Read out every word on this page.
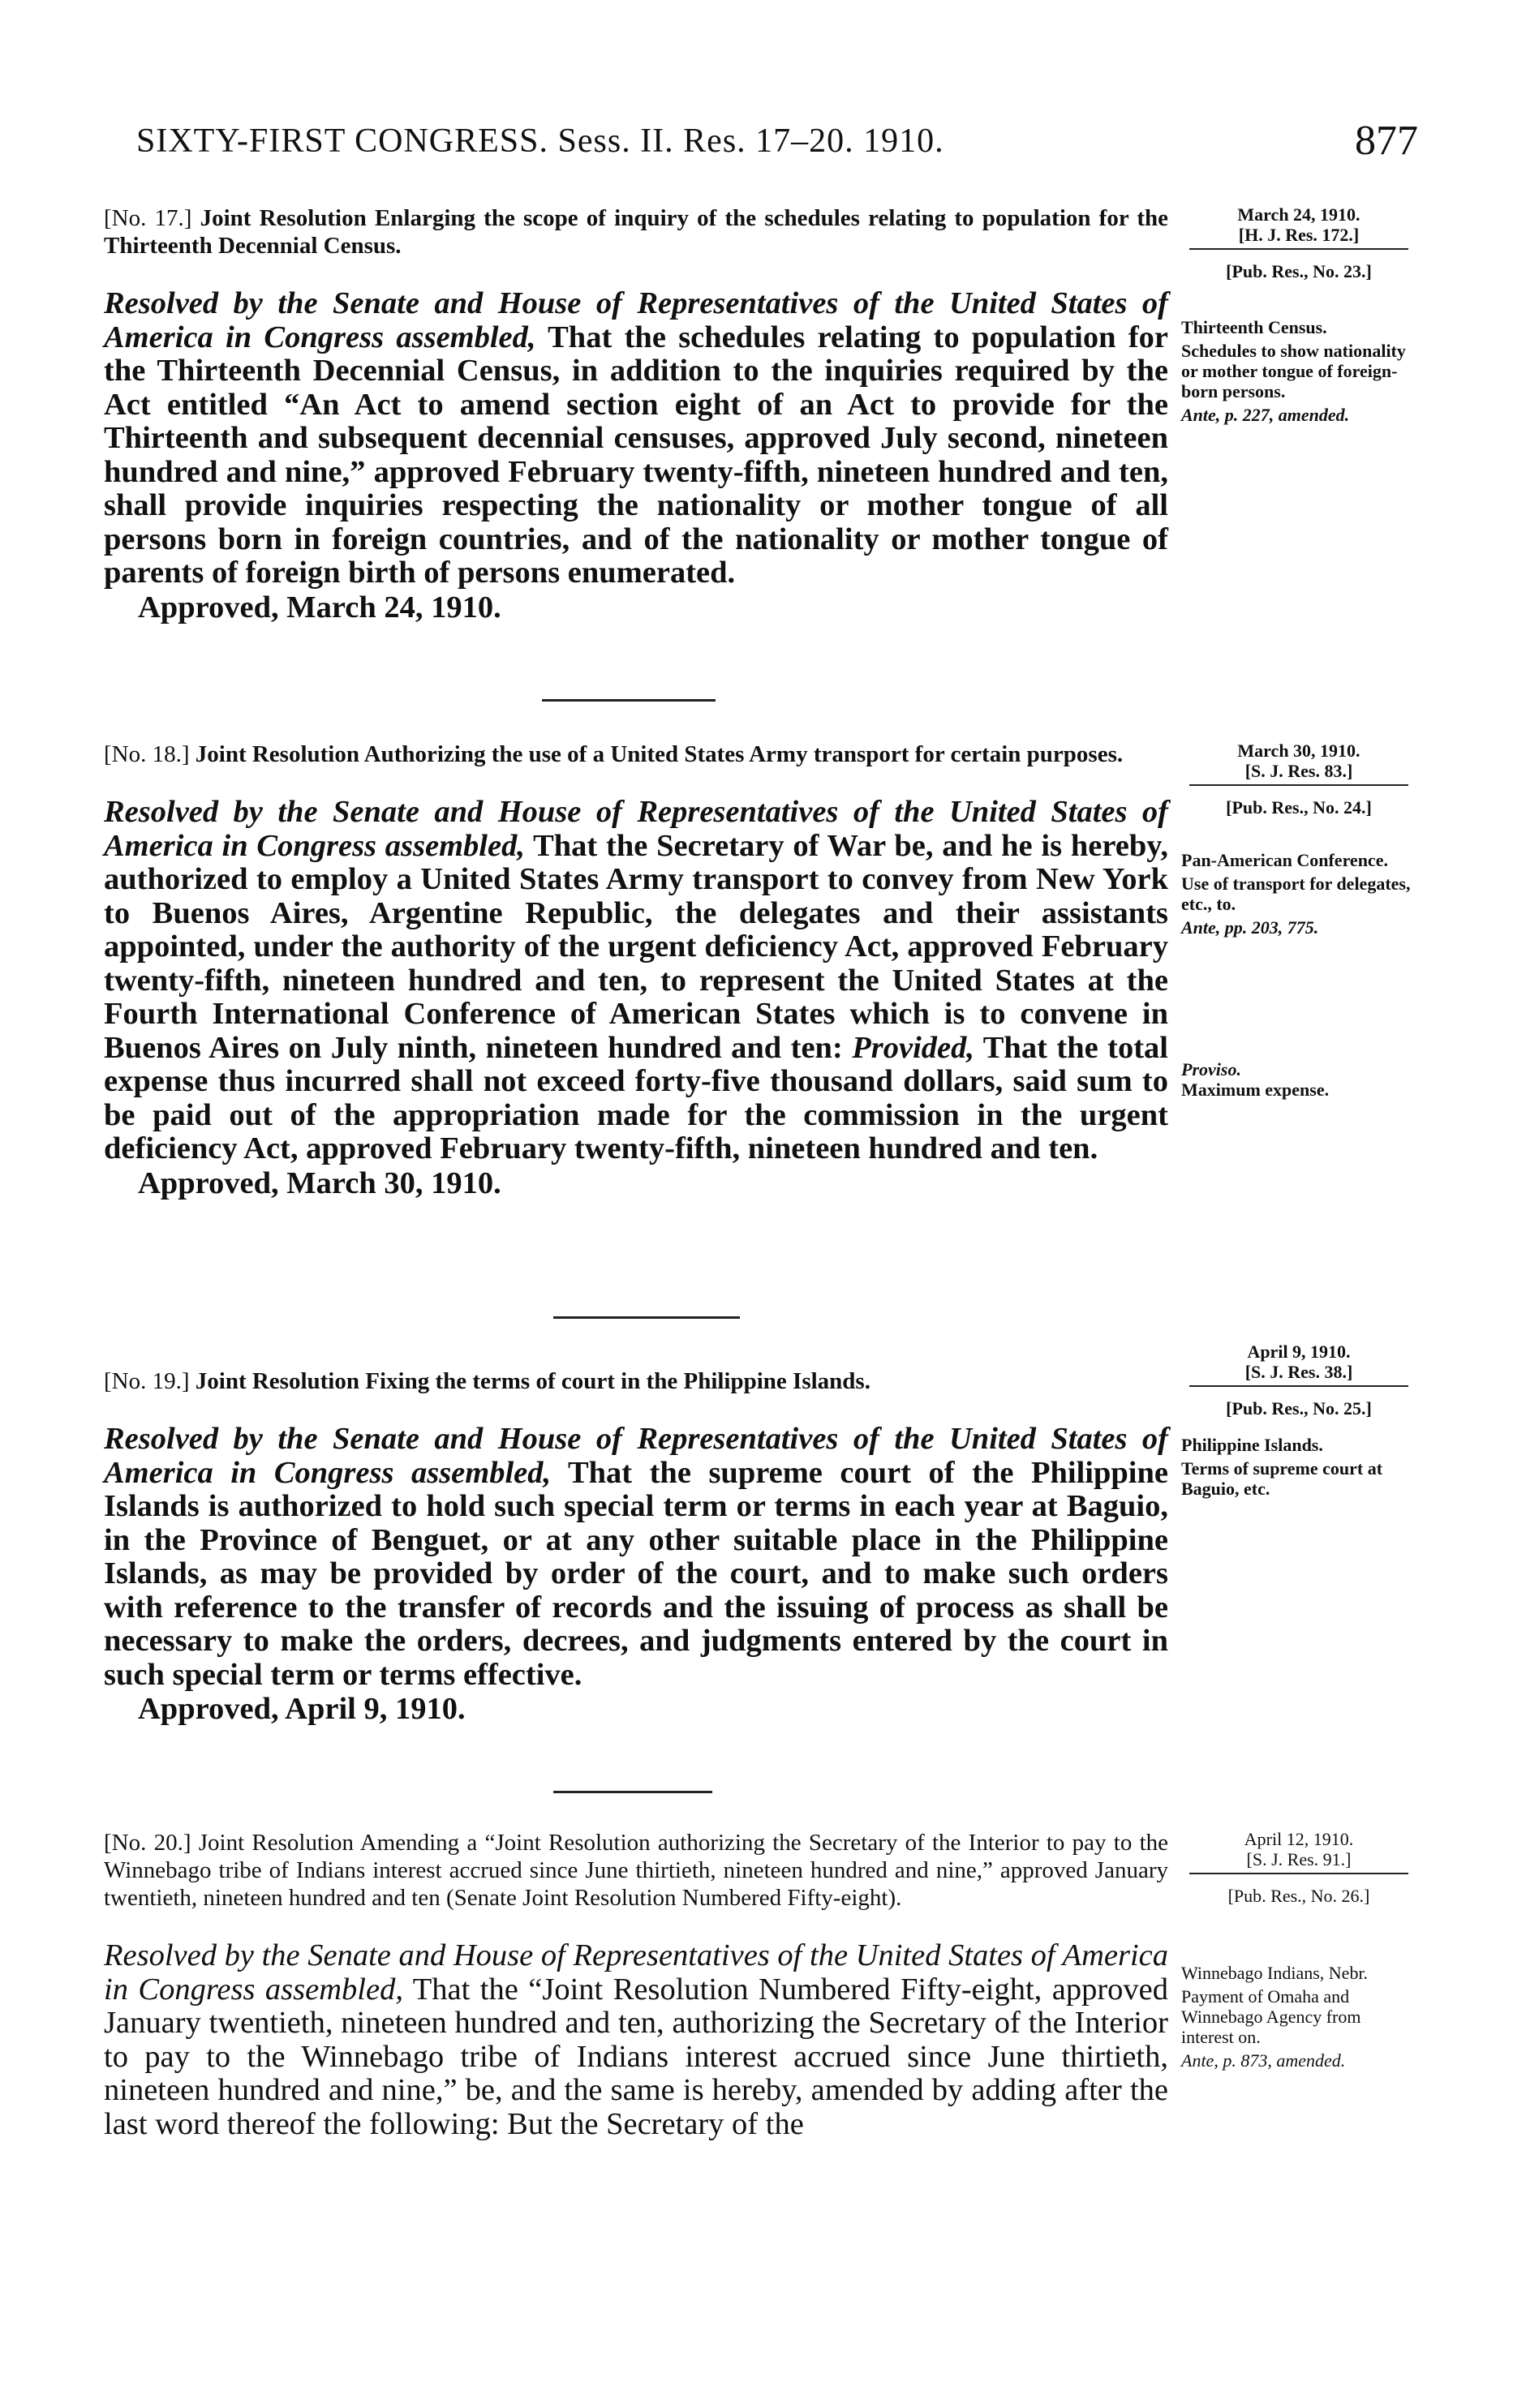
SIXTY-FIRST CONGRESS. Sess. II. Res. 17–20. 1910.	877
[No. 17.] Joint Resolution Enlarging the scope of inquiry of the schedules relating to population for the Thirteenth Decennial Census.
Resolved by the Senate and House of Representatives of the United States of America in Congress assembled, That the schedules relating to population for the Thirteenth Decennial Census, in addition to the inquiries required by the Act entitled “An Act to amend section eight of an Act to provide for the Thirteenth and subsequent decennial censuses, approved July second, nineteen hundred and nine,” approved February twenty-fifth, nineteen hundred and ten, shall provide inquiries respecting the nationality or mother tongue of all persons born in foreign countries, and of the nationality or mother tongue of parents of foreign birth of persons enumerated.
Approved, March 24, 1910.
March 24, 1910.
[H. J. Res. 172.]
[Pub. Res., No. 23.]
Thirteenth Census.
Schedules to show nationality or mother tongue of foreign-born persons.
Ante, p. 227, amended.
[No. 18.] Joint Resolution Authorizing the use of a United States Army transport for certain purposes.
Resolved by the Senate and House of Representatives of the United States of America in Congress assembled, That the Secretary of War be, and he is hereby, authorized to employ a United States Army transport to convey from New York to Buenos Aires, Argentine Republic, the delegates and their assistants appointed, under the authority of the urgent deficiency Act, approved February twenty-fifth, nineteen hundred and ten, to represent the United States at the Fourth International Conference of American States which is to convene in Buenos Aires on July ninth, nineteen hundred and ten: Provided, That the total expense thus incurred shall not exceed forty-five thousand dollars, said sum to be paid out of the appropriation made for the commission in the urgent deficiency Act, approved February twenty-fifth, nineteen hundred and ten.
Approved, March 30, 1910.
March 30, 1910.
[S. J. Res. 83.]
[Pub. Res., No. 24.]
Pan-American Conference.
Use of transport for delegates, etc., to.
Ante, pp. 203, 775.
Proviso.
Maximum expense.
[No. 19.] Joint Resolution Fixing the terms of court in the Philippine Islands.
Resolved by the Senate and House of Representatives of the United States of America in Congress assembled, That the supreme court of the Philippine Islands is authorized to hold such special term or terms in each year at Baguio, in the Province of Benguet, or at any other suitable place in the Philippine Islands, as may be provided by order of the court, and to make such orders with reference to the transfer of records and the issuing of process as shall be necessary to make the orders, decrees, and judgments entered by the court in such special term or terms effective.
Approved, April 9, 1910.
April 9, 1910.
[S. J. Res. 38.]
[Pub. Res., No. 25.]
Philippine Islands.
Terms of supreme court at Baguio, etc.
[No. 20.] Joint Resolution Amending a “Joint Resolution authorizing the Secretary of the Interior to pay to the Winnebago tribe of Indians interest accrued since June thirtieth, nineteen hundred and nine,” approved January twentieth, nineteen hundred and ten (Senate Joint Resolution Numbered Fifty-eight).
Resolved by the Senate and House of Representatives of the United States of America in Congress assembled, That the “Joint Resolution Numbered Fifty-eight, approved January twentieth, nineteen hundred and ten, authorizing the Secretary of the Interior to pay to the Winnebago tribe of Indians interest accrued since June thirtieth, nineteen hundred and nine,” be, and the same is hereby, amended by adding after the last word thereof the following: But the Secretary of the
April 12, 1910.
[S. J. Res. 91.]
[Pub. Res., No. 26.]
Winnebago Indians, Nebr.
Payment of Omaha and Winnebago Agency from interest on.
Ante, p. 873, amended.
